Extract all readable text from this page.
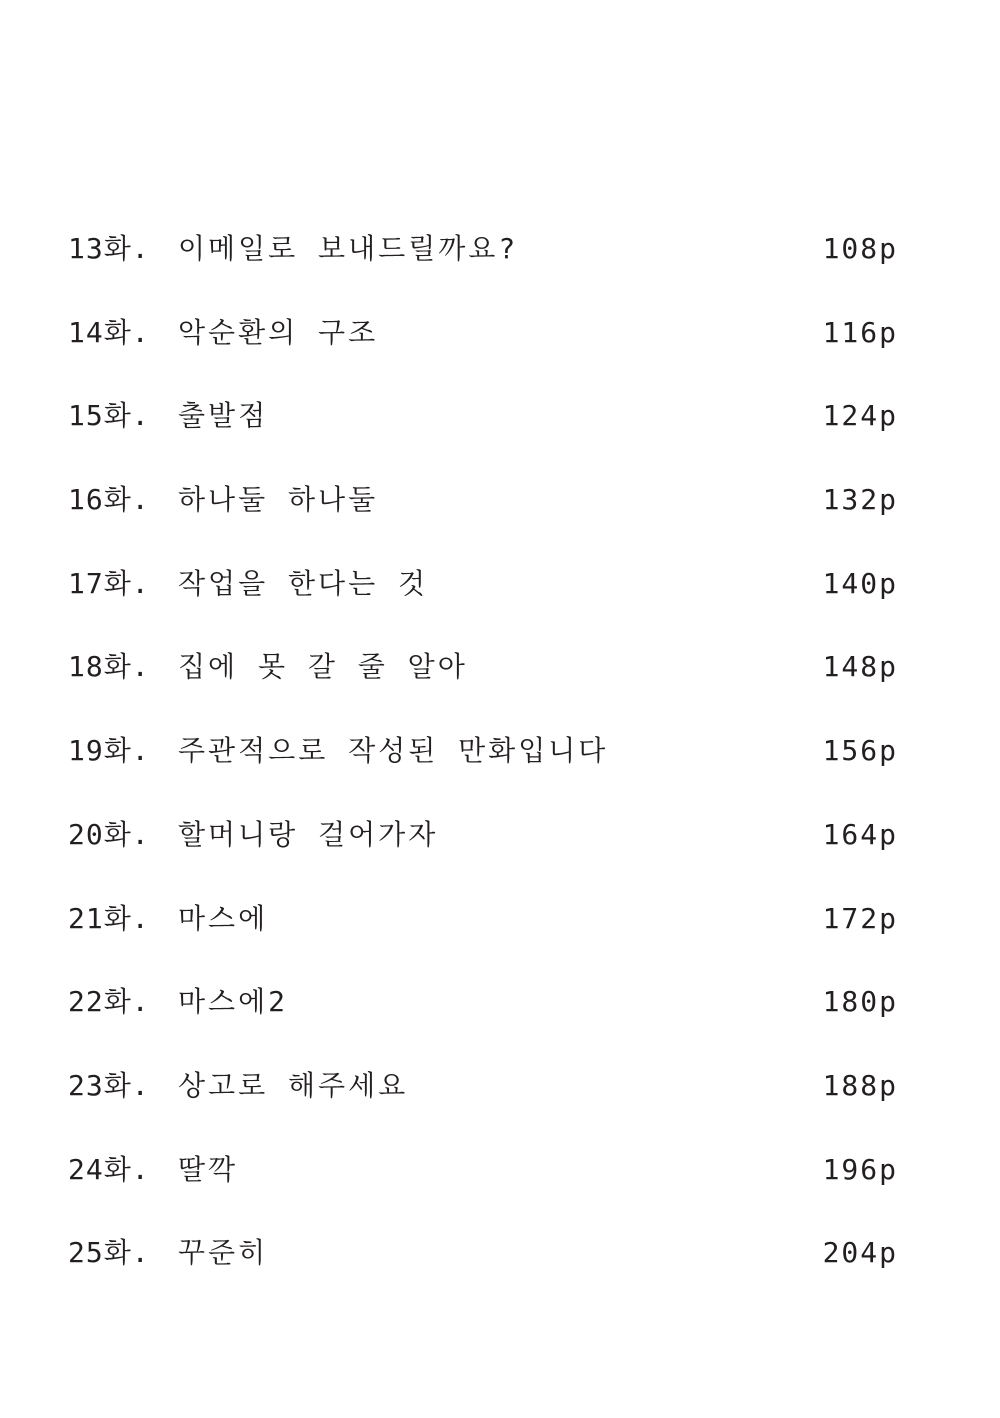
13화.	이메일로 보내드릴까요?	108p
14화.	악순환의 구조	116p
15화.	출발점	124p
16화.	하나둘 하나둘	132p
17화.	작업을 한다는 것	140p
18화.	집에 못 갈 줄 알아	148p
19화.	주관적으로 작성된 만화입니다	156p
20화.	할머니랑 걸어가자	164p
21화.	마스에	172p
22화.	마스에2	180p
23화.	상고로 해주세요	188p
24화.	딸깍	196p
25화.	꾸준히	204p
